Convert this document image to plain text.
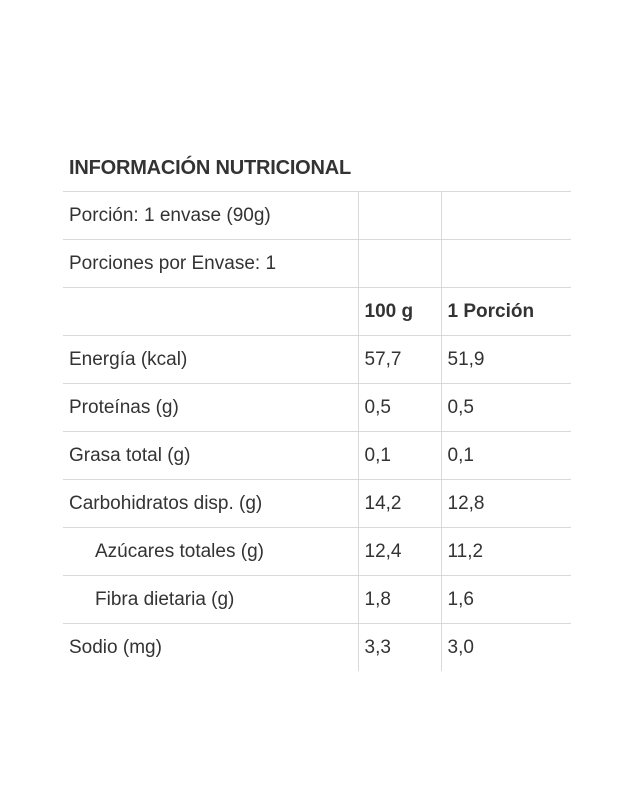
INFORMACIÓN NUTRICIONAL
Porción: 1 envase (90g)		
Porciones por Envase: 1		
	100 g	1 Porción
Energía (kcal)	57,7	51,9
Proteínas (g)	0,5	0,5
Grasa total (g)	0,1	0,1
Carbohidratos disp. (g)	14,2	12,8
Azúcares totales (g)	12,4	11,2
Fibra dietaria (g)	1,8	1,6
Sodio (mg)	3,3	3,0
